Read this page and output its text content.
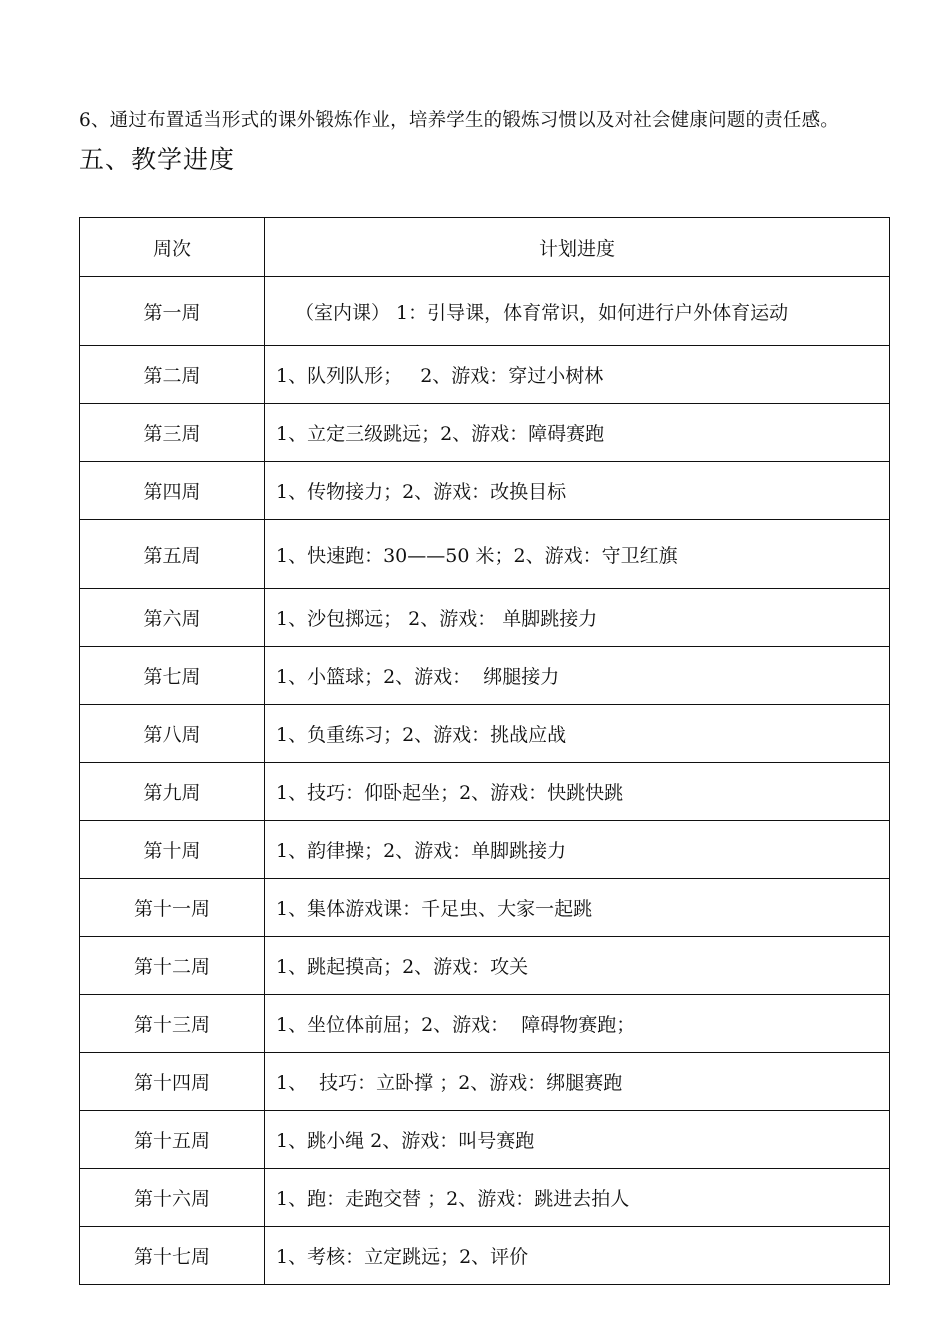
6、通过布置适当形式的课外锻炼作业，培养学生的锻炼习惯以及对社会健康问题的责任感。
五、教学进度
周次	计划进度
第一周	（室内课） 1：引导课，体育常识，如何进行户外体育运动
第二周	1、队列队形；   2、游戏：穿过小树林
第三周	1、立定三级跳远；2、游戏：障碍赛跑
第四周	1、传物接力；2、游戏：改换目标
第五周	1、快速跑：30——50 米；2、游戏：守卫红旗
第六周	1、沙包掷远； 2、游戏： 单脚跳接力
第七周	1、小篮球；2、游戏：  绑腿接力
第八周	1、负重练习；2、游戏：挑战应战
第九周	1、技巧：仰卧起坐；2、游戏：快跳快跳
第十周	1、韵律操；2、游戏：单脚跳接力
第十一周	1、集体游戏课：千足虫、大家一起跳
第十二周	1、跳起摸高；2、游戏：攻关
第十三周	1、坐位体前屈；2、游戏：  障碍物赛跑；
第十四周	1、  技巧：立卧撑 ；2、游戏：绑腿赛跑
第十五周	1、跳小绳 2、游戏：叫号赛跑
第十六周	1、跑：走跑交替 ；2、游戏：跳进去拍人
第十七周	1、考核：立定跳远；2、评价
